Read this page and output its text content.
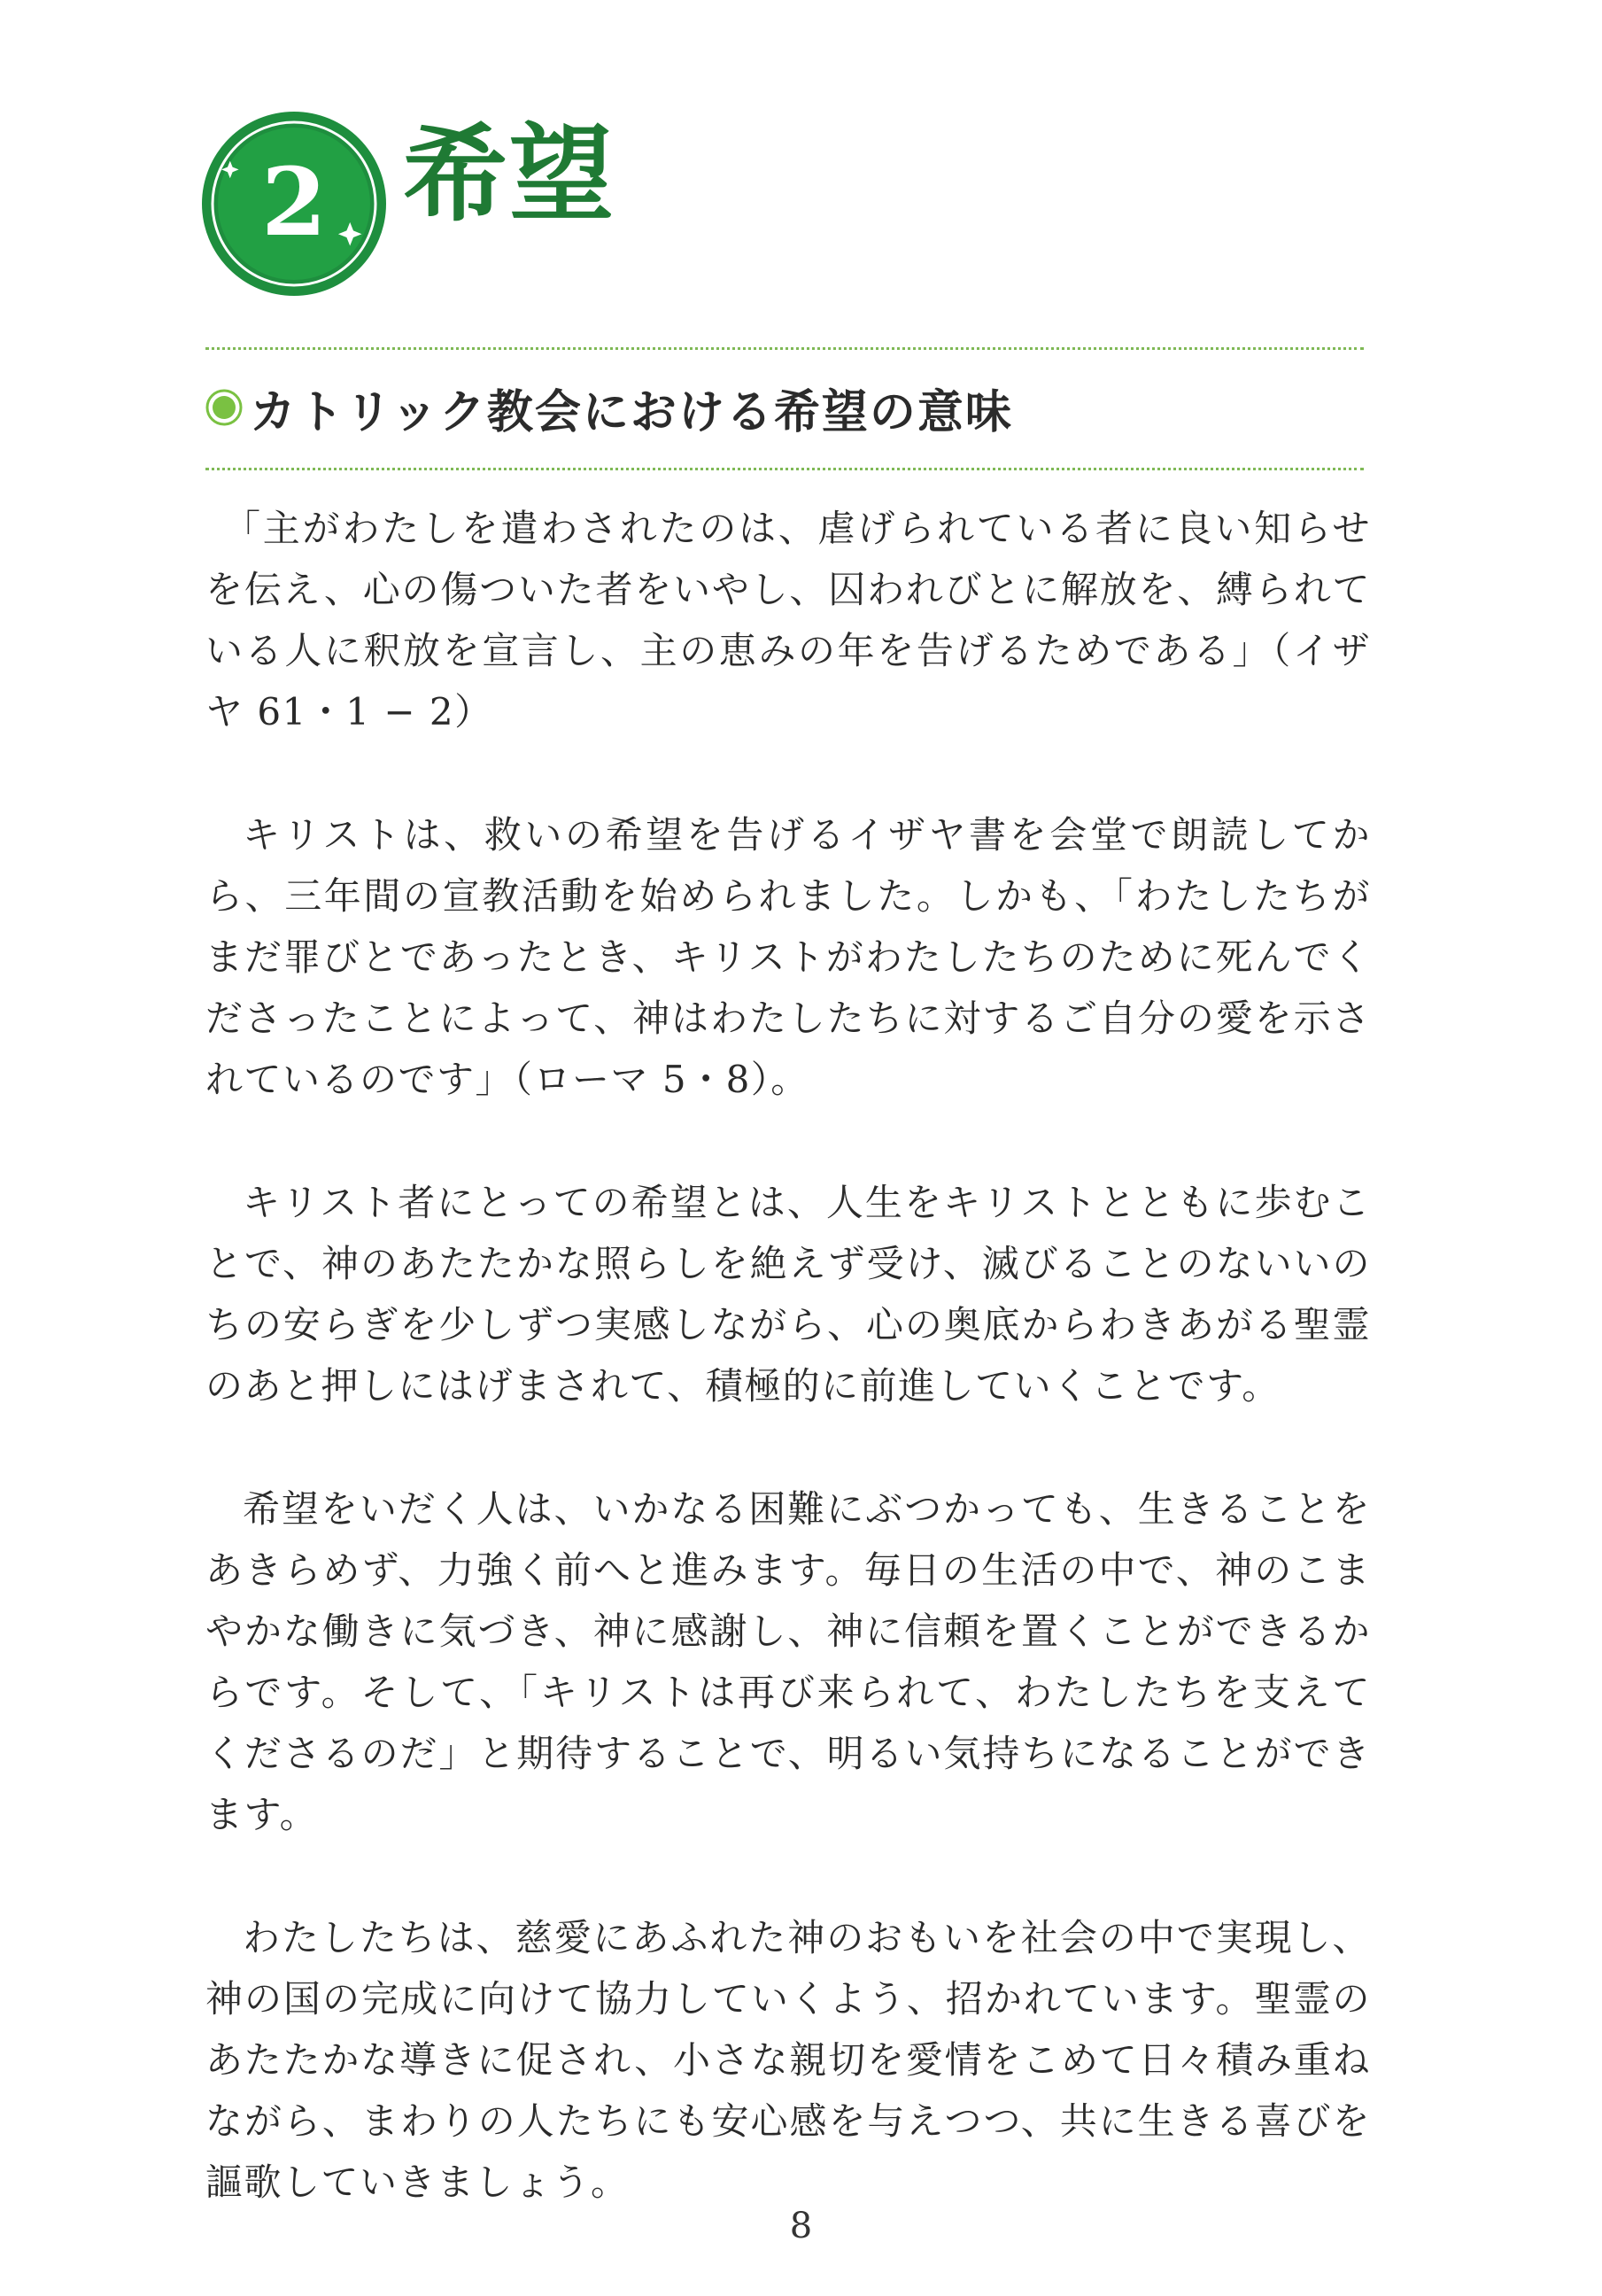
2 希望
カトリック教会における希望の意味

「主がわたしを遣わされたのは、虐げられている者に良い知らせを伝え、心の傷ついた者をいやし、囚われびとに解放を、縛られている人に釈放を宣言し、主の恵みの年を告げるためである」（イザヤ 61・1 − 2）

キリストは、救いの希望を告げるイザヤ書を会堂で朗読してから、三年間の宣教活動を始められました。しかも、「わたしたちがまだ罪びとであったとき、キリストがわたしたちのために死んでくださったことによって、神はわたしたちに対するご自分の愛を示されているのです」（ローマ 5・8）。

キリスト者にとっての希望とは、人生をキリストとともに歩むことで、神のあたたかな照らしを絶えず受け、滅びることのないいのちの安らぎを少しずつ実感しながら、心の奥底からわきあがる聖霊のあと押しにはげまされて、積極的に前進していくことです。

希望をいだく人は、いかなる困難にぶつかっても、生きることをあきらめず、力強く前へと進みます。毎日の生活の中で、神のこまやかな働きに気づき、神に感謝し、神に信頼を置くことができるからです。そして、「キリストは再び来られて、わたしたちを支えてくださるのだ」と期待することで、明るい気持ちになることができます。

わたしたちは、慈愛にあふれた神のおもいを社会の中で実現し、神の国の完成に向けて協力していくよう、招かれています。聖霊のあたたかな導きに促され、小さな親切を愛情をこめて日々積み重ねながら、まわりの人たちにも安心感を与えつつ、共に生きる喜びを謳歌していきましょう。

8
